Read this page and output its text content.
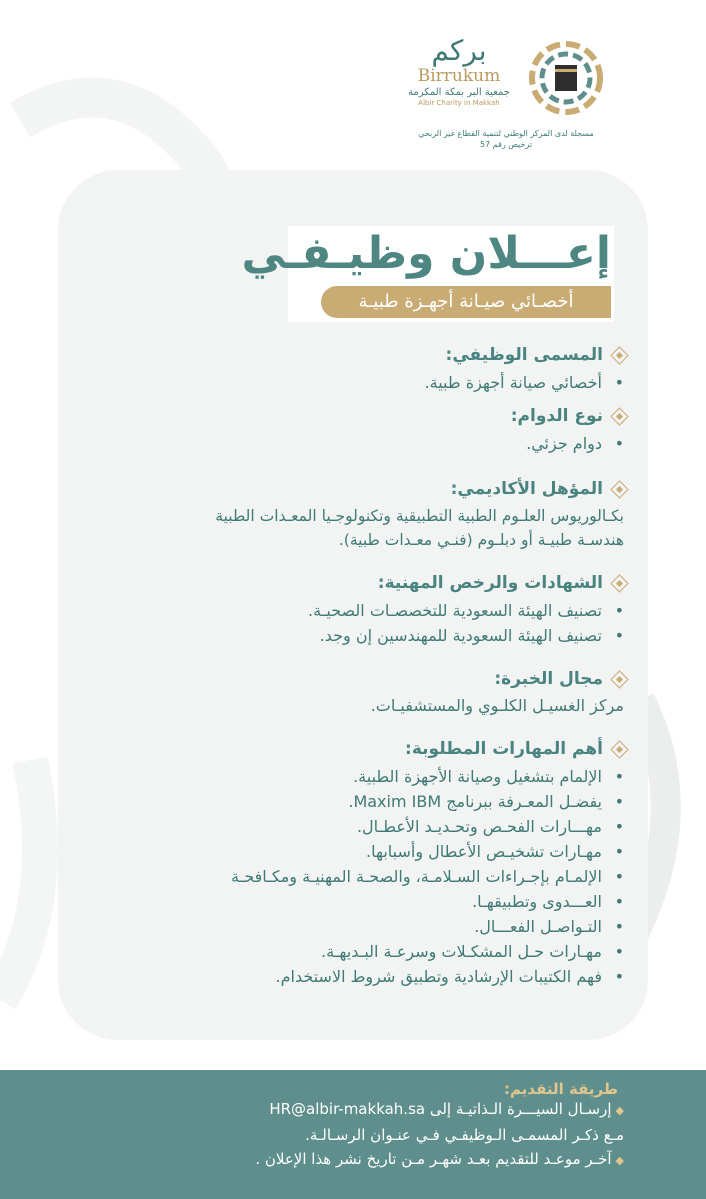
بركم
Birrukum
جمعية البر بمكة المكرمة
Albir Charity in Makkah
مسجلة لدى المركز الوطني لتنمية القطاع غير الربحي
ترخيص رقم 57
إعـــلان وظيـفـي
أخصـائي صيـانة أجهـزة طبيـة
المسمى الوظيفي:
• أخصائي صيانة أجهزة طبية.
نوع الدوام:
• دوام جزئي.
المؤهل الأكاديمي:
بكـالوريوس العلـوم الطبية التطبيقية وتكنولوجـيا المعـدات الطبية
هندسـة طبيـة أو دبلـوم (فنـي معـدات طبية).
الشهادات والرخص المهنية:
• تصنيف الهيئة السعودية للتخصصـات الصحيـة.
• تصنيف الهيئة السعودية للمهندسين إن وجد.
مجال الخبرة:
مركز الغسيـل الكلـوي والمستشفيـات.
أهم المهارات المطلوبة:
• الإلمام بتشغيل وصيانة الأجهزة الطبية.
• يفضـل المعـرفة ببرنامج Maxim IBM.
• مهـــارات الفحـص وتحـديـد الأعطـال.
• مهـارات تشخيـص الأعطال وأسبابها.
• الإلمـام بإجـراءات السـلامـة، والصحـة المهنيـة ومكـافحـة
• العـــدوى وتطبيقهـا.
• التـواصـل الفعـــال.
• مهـارات حـل المشكـلات وسرعـة البـديهـة.
• فهم الكتيبات الإرشادية وتطبيق شروط الاستخدام.
طريقة التقديم:
◆إرسـال السيـــرة الـذاتيـة إلى HR@albir-makkah.sa
مـع ذكـر المسمـى الـوظيفـي فـي عنـوان الرسـالـة.
◆آخـر موعـد للتقديم بعـد شهـر مـن تاريخ نشر هذا الإعلان .
